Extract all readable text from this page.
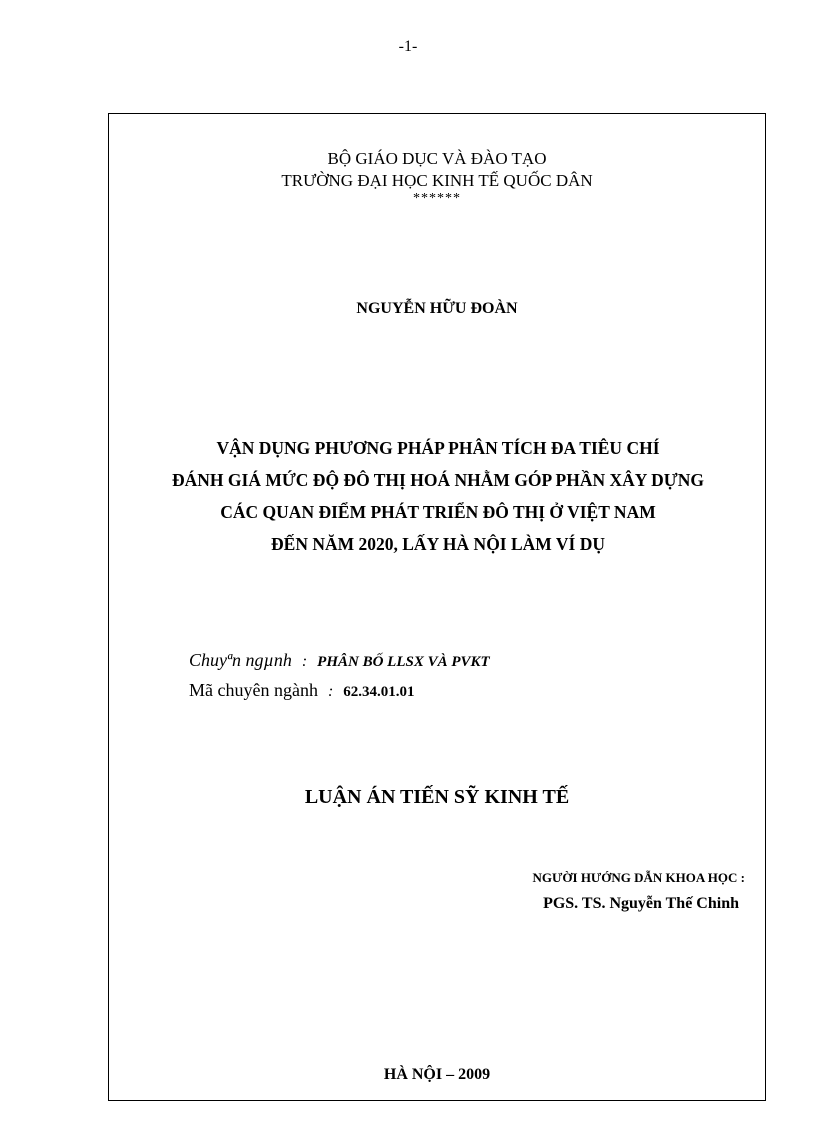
-1-
BỘ GIÁO DỤC VÀ ĐÀO TẠO
TRƯỜNG ĐẠI HỌC KINH TẾ QUỐC DÂN
******
NGUYỄN HỮU ĐOÀN
VẬN DỤNG PHƯƠNG PHÁP PHÂN TÍCH ĐA TIÊU CHÍ
ĐÁNH GIÁ MỨC ĐỘ ĐÔ THỊ HOÁ NHẰM GÓP PHẦN XÂY DỰNG
CÁC QUAN ĐIỂM PHÁT TRIỂN ĐÔ THỊ Ở VIỆT NAM
ĐẾN NĂM 2020, LẤY HÀ NỘI LÀM VÍ DỤ
Chuyªn ngµnh : PHÂN BỐ LLSX VÀ PVKT
Mã chuyên ngành : 62.34.01.01
LUẬN ÁN TIẾN SỸ KINH TẾ
NGƯỜI HƯỚNG DẪN KHOA HỌC :
PGS. TS. Nguyễn Thế Chinh
HÀ NỘI – 2009
